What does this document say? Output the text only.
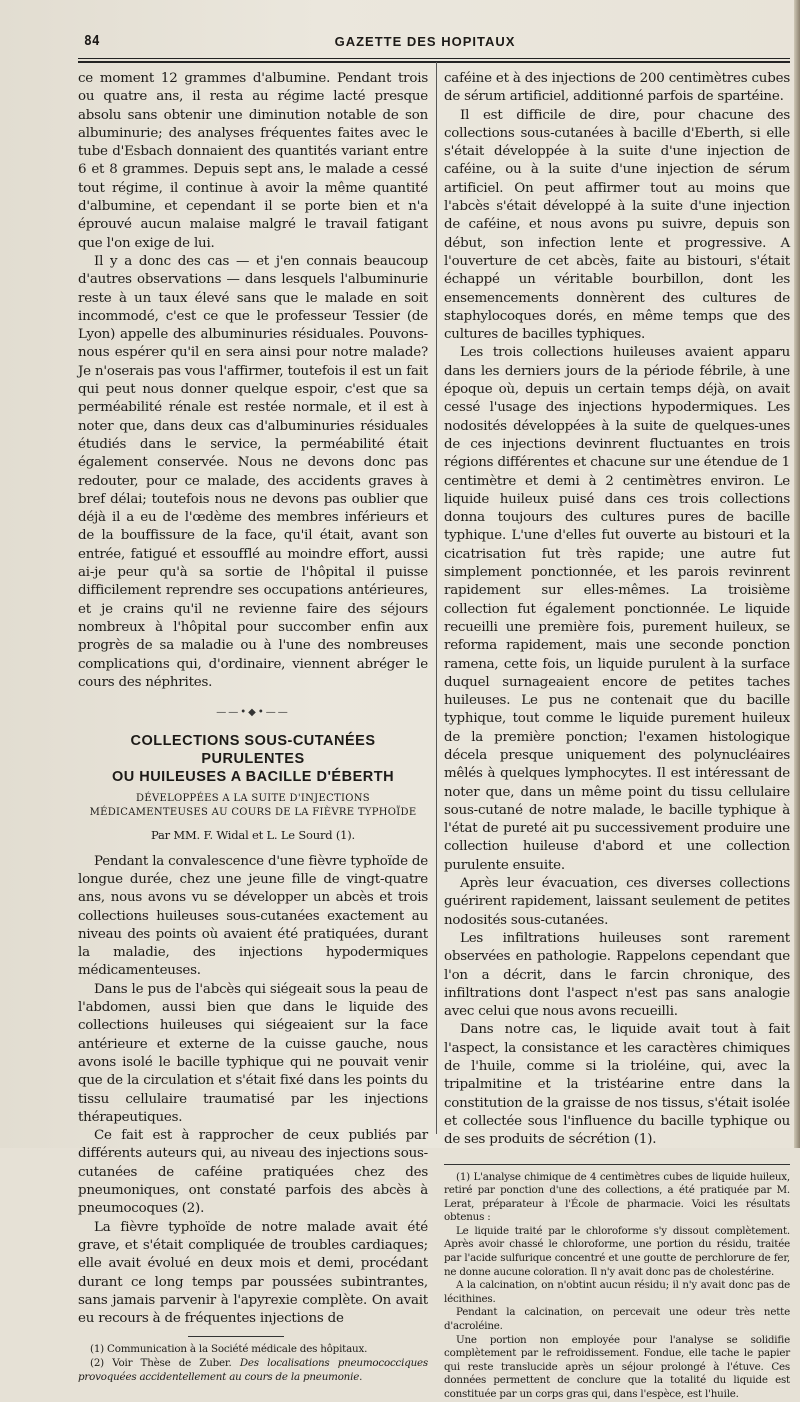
84	GAZETTE DES HOPITAUX

ce moment 12 grammes d'albumine. Pendant trois ou quatre ans, il resta au régime lacté presque absolu sans obtenir une diminution notable de son albuminurie; des analyses fréquentes faites avec le tube d'Esbach donnaient des quantités variant entre 6 et 8 grammes. Depuis sept ans, le malade a cessé tout régime, il continue à avoir la même quantité d'albumine, et cependant il se porte bien et n'a éprouvé aucun malaise malgré le travail fatigant que l'on exige de lui.

Il y a donc des cas — et j'en connais beaucoup d'autres observations — dans lesquels l'albuminurie reste à un taux élevé sans que le malade en soit incommodé, c'est ce que le professeur Tessier (de Lyon) appelle des albuminuries résiduales. Pouvons-nous espérer qu'il en sera ainsi pour notre malade? Je n'oserais pas vous l'affirmer, toutefois il est un fait qui peut nous donner quelque espoir, c'est que sa perméabilité rénale est restée normale, et il est à noter que, dans deux cas d'albuminuries résiduales étudiés dans le service, la perméabilité était également conservée. Nous ne devons donc pas redouter, pour ce malade, des accidents graves à bref délai; toutefois nous ne devons pas oublier que déjà il a eu de l'œdème des membres inférieurs et de la bouffissure de la face, qu'il était, avant son entrée, fatigué et essoufflé au moindre effort, aussi ai-je peur qu'à sa sortie de l'hôpital il puisse difficilement reprendre ses occupations antérieures, et je crains qu'il ne revienne faire des séjours nombreux à l'hôpital pour succomber enfin aux progrès de sa maladie ou à l'une des nombreuses complications qui, d'ordinaire, viennent abréger le cours des néphrites.

——•◆•——
COLLECTIONS SOUS-CUTANÉES PURULENTES
OU HUILEUSES A BACILLE D'ÉBERTH
DÉVELOPPÉES A LA SUITE D'INJECTIONS MÉDICAMENTEUSES AU COURS DE LA FIÈVRE TYPHOÏDE
Par MM. F. Widal et L. Le Sourd (1).

Pendant la convalescence d'une fièvre typhoïde de longue durée, chez une jeune fille de vingt-quatre ans, nous avons vu se développer un abcès et trois collections huileuses sous-cutanées exactement au niveau des points où avaient été pratiquées, durant la maladie, des injections hypodermiques médicamenteuses.

Dans le pus de l'abcès qui siégeait sous la peau de l'abdomen, aussi bien que dans le liquide des collections huileuses qui siégeaient sur la face antérieure et externe de la cuisse gauche, nous avons isolé le bacille typhique qui ne pouvait venir que de la circulation et s'était fixé dans les points du tissu cellulaire traumatisé par les injections thérapeutiques.

Ce fait est à rapprocher de ceux publiés par différents auteurs qui, au niveau des injections sous-cutanées de caféine pratiquées chez des pneumoniques, ont constaté parfois des abcès à pneumocoques (2).

La fièvre typhoïde de notre malade avait été grave, et s'était compliquée de troubles cardiaques; elle avait évolué en deux mois et demi, procédant durant ce long temps par poussées subintrantes, sans jamais parvenir à l'apyrexie complète. On avait eu recours à de fréquentes injections de

(1) Communication à la Société médicale des hôpitaux.

(2) Voir Thèse de Zuber. Des localisations pneumococciques provoquées accidentellement au cours de la pneumonie.

caféine et à des injections de 200 centimètres cubes de sérum artificiel, additionné parfois de spartéine.

Il est difficile de dire, pour chacune des collections sous-cutanées à bacille d'Eberth, si elle s'était développée à la suite d'une injection de caféine, ou à la suite d'une injection de sérum artificiel. On peut affirmer tout au moins que l'abcès s'était développé à la suite d'une injection de caféine, et nous avons pu suivre, depuis son début, son infection lente et progressive. A l'ouverture de cet abcès, faite au bistouri, s'était échappé un véritable bourbillon, dont les ensemencements donnèrent des cultures de staphylocoques dorés, en même temps que des cultures de bacilles typhiques.

Les trois collections huileuses avaient apparu dans les derniers jours de la période fébrile, à une époque où, depuis un certain temps déjà, on avait cessé l'usage des injections hypodermiques. Les nodosités développées à la suite de quelques-unes de ces injections devinrent fluctuantes en trois régions différentes et chacune sur une étendue de 1 centimètre et demi à 2 centimètres environ. Le liquide huileux puisé dans ces trois collections donna toujours des cultures pures de bacille typhique. L'une d'elles fut ouverte au bistouri et la cicatrisation fut très rapide; une autre fut simplement ponctionnée, et les parois revinrent rapidement sur elles-mêmes. La troisième collection fut également ponctionnée. Le liquide recueilli une première fois, purement huileux, se reforma rapidement, mais une seconde ponction ramena, cette fois, un liquide purulent à la surface duquel surnageaient encore de petites taches huileuses. Le pus ne contenait que du bacille typhique, tout comme le liquide purement huileux de la première ponction; l'examen histologique décela presque uniquement des polynucléaires mêlés à quelques lymphocytes. Il est intéressant de noter que, dans un même point du tissu cellulaire sous-cutané de notre malade, le bacille typhique à l'état de pureté ait pu successivement produire une collection huileuse d'abord et une collection purulente ensuite.

Après leur évacuation, ces diverses collections guérirent rapidement, laissant seulement de petites nodosités sous-cutanées.

Les infiltrations huileuses sont rarement observées en pathologie. Rappelons cependant que l'on a décrit, dans le farcin chronique, des infiltrations dont l'aspect n'est pas sans analogie avec celui que nous avons recueilli.

Dans notre cas, le liquide avait tout à fait l'aspect, la consistance et les caractères chimiques de l'huile, comme si la trioléine, qui, avec la tripalmitine et la tristéarine entre dans la constitution de la graisse de nos tissus, s'était isolée et collectée sous l'influence du bacille typhique ou de ses produits de sécrétion (1).

(1) L'analyse chimique de 4 centimètres cubes de liquide huileux, retiré par ponction d'une des collections, a été pratiquée par M. Lerat, préparateur à l'École de pharmacie. Voici les résultats obtenus :

Le liquide traité par le chloroforme s'y dissout complètement. Après avoir chassé le chloroforme, une portion du résidu, traitée par l'acide sulfurique concentré et une goutte de perchlorure de fer, ne donne aucune coloration. Il n'y avait donc pas de cholestérine.

A la calcination, on n'obtint aucun résidu; il n'y avait donc pas de lécithines.

Pendant la calcination, on percevait une odeur très nette d'acroléine.

Une portion non employée pour l'analyse se solidifie complètement par le refroidissement. Fondue, elle tache le papier qui reste translucide après un séjour prolongé à l'étuve. Ces données permettent de conclure que la totalité du liquide est constituée par un corps gras qui, dans l'espèce, est l'huile.
